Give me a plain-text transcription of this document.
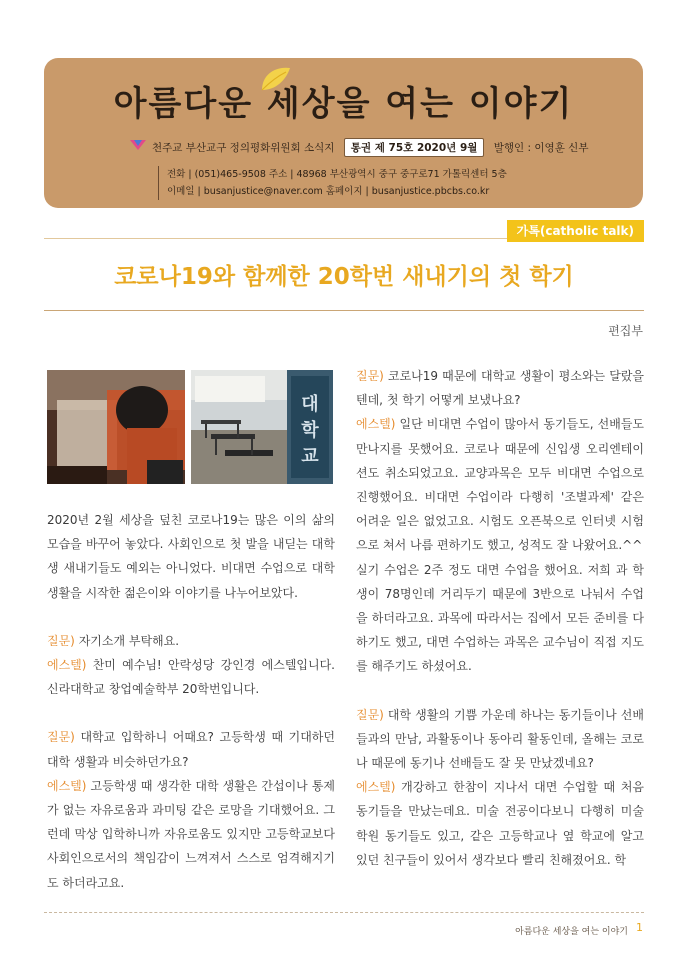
아름다운 세상을 여는 이야기
천주교 부산교구 정의평화위원회 소식지 통권 제 75호 2020년 9월 발행인 : 이영훈 신부
전화 | (051)465-9508 주소 | 48968 부산광역시 중구 중구로71 가톨릭센터 5층
이메일 | busanjustice@naver.com 홈페이지 | busanjustice.pbcbs.co.kr
가톡(catholic talk)
코로나19와 함께한 20학번 새내기의 첫 학기
편집부
대
학
교

2020년 2월 세상을 덮친 코로나19는 많은 이의 삶의 모습을 바꾸어 놓았다. 사회인으로 첫 발을 내딛는 대학생 새내기들도 예외는 아니었다. 비대면 수업으로 대학 생활을 시작한 젊은이와 이야기를 나누어보았다.

질문) 자기소개 부탁해요.

에스텔) 찬미 예수님! 안락성당 강인경 에스텔입니다. 신라대학교 창업예술학부 20학번입니다.

질문) 대학교 입학하니 어때요? 고등학생 때 기대하던 대학 생활과 비슷하던가요?

에스텔) 고등학생 때 생각한 대학 생활은 간섭이나 통제가 없는 자유로움과 과미팅 같은 로망을 기대했어요. 그런데 막상 입학하니까 자유로움도 있지만 고등학교보다 사회인으로서의 책임감이 느껴져서 스스로 엄격해지기도 하더라고요.

질문) 코로나19 때문에 대학교 생활이 평소와는 달랐을텐데, 첫 학기 어떻게 보냈나요?

에스텔) 일단 비대면 수업이 많아서 동기들도, 선배들도 만나지를 못했어요. 코로나 때문에 신입생 오리엔테이션도 취소되었고요. 교양과목은 모두 비대면 수업으로 진행했어요. 비대면 수업이라 다행히 '조별과제' 같은 어려운 일은 없었고요. 시험도 오픈북으로 인터넷 시험으로 쳐서 나름 편하기도 했고, 성적도 잘 나왔어요.^^

실기 수업은 2주 정도 대면 수업을 했어요. 저희 과 학생이 78명인데 거리두기 때문에 3반으로 나눠서 수업을 하더라고요. 과목에 따라서는 집에서 모든 준비를 다하기도 했고, 대면 수업하는 과목은 교수님이 직접 지도를 해주기도 하셨어요.

질문) 대학 생활의 기쁨 가운데 하나는 동기들이나 선배들과의 만남, 과활동이나 동아리 활동인데, 올해는 코로나 때문에 동기나 선배들도 잘 못 만났겠네요?

에스텔) 개강하고 한참이 지나서 대면 수업할 때 처음 동기들을 만났는데요. 미술 전공이다보니 다행히 미술학원 동기들도 있고, 같은 고등학교나 옆 학교에 알고 있던 친구들이 있어서 생각보다 빨리 친해졌어요. 학

아름다운 세상을 여는 이야기 1
